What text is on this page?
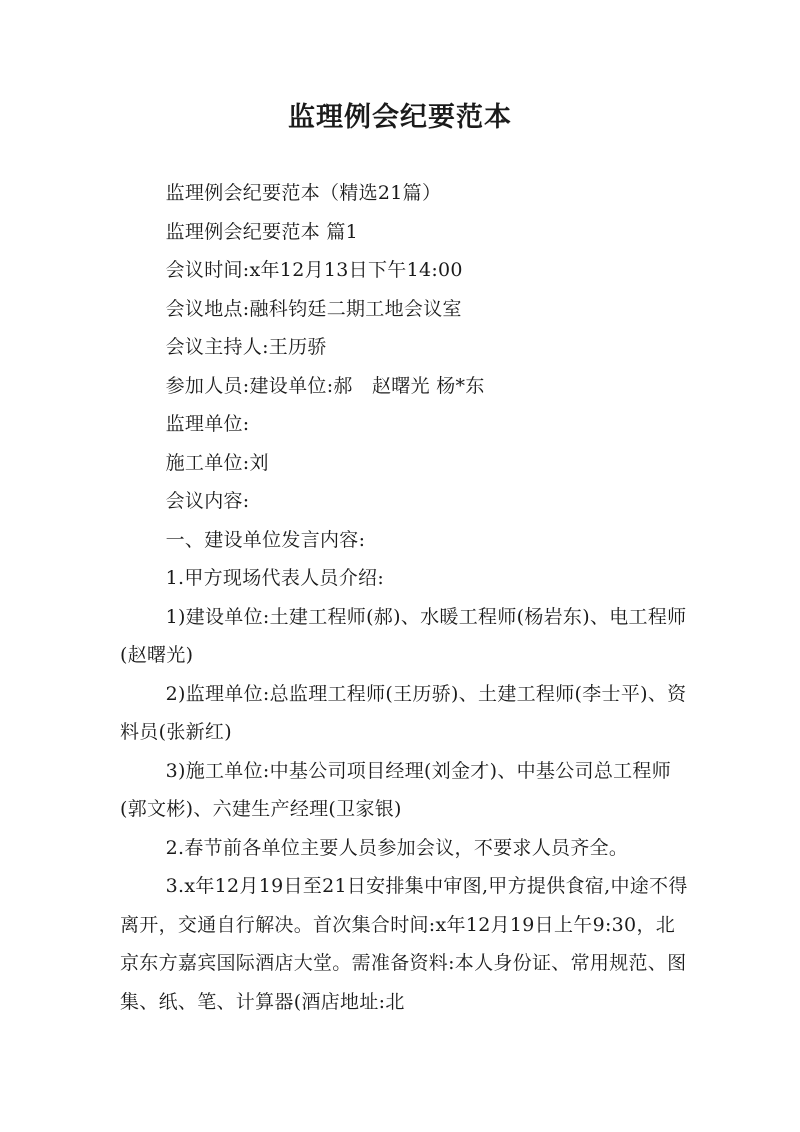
监理例会纪要范本

监理例会纪要范本（精选21篇）

监理例会纪要范本 篇1

会议时间:x年12月13日下午14:00

会议地点:融科钧廷二期工地会议室

会议主持人:王历骄

参加人员:建设单位:郝　赵曙光 杨*东

监理单位:

施工单位:刘

会议内容:

一、建设单位发言内容:

1.甲方现场代表人员介绍:

1)建设单位:土建工程师(郝)、水暖工程师(杨岩东)、电工程师(赵曙光)

2)监理单位:总监理工程师(王历骄)、土建工程师(李士平)、资料员(张新红)

3)施工单位:中基公司项目经理(刘金才)、中基公司总工程师(郭文彬)、六建生产经理(卫家银)

2.春节前各单位主要人员参加会议，不要求人员齐全。

3.x年12月19日至21日安排集中审图,甲方提供食宿,中途不得离开，交通自行解决。首次集合时间:x年12月19日上午9:30，北京东方嘉宾国际酒店大堂。需准备资料:本人身份证、常用规范、图集、纸、笔、计算器(酒店地址:北
